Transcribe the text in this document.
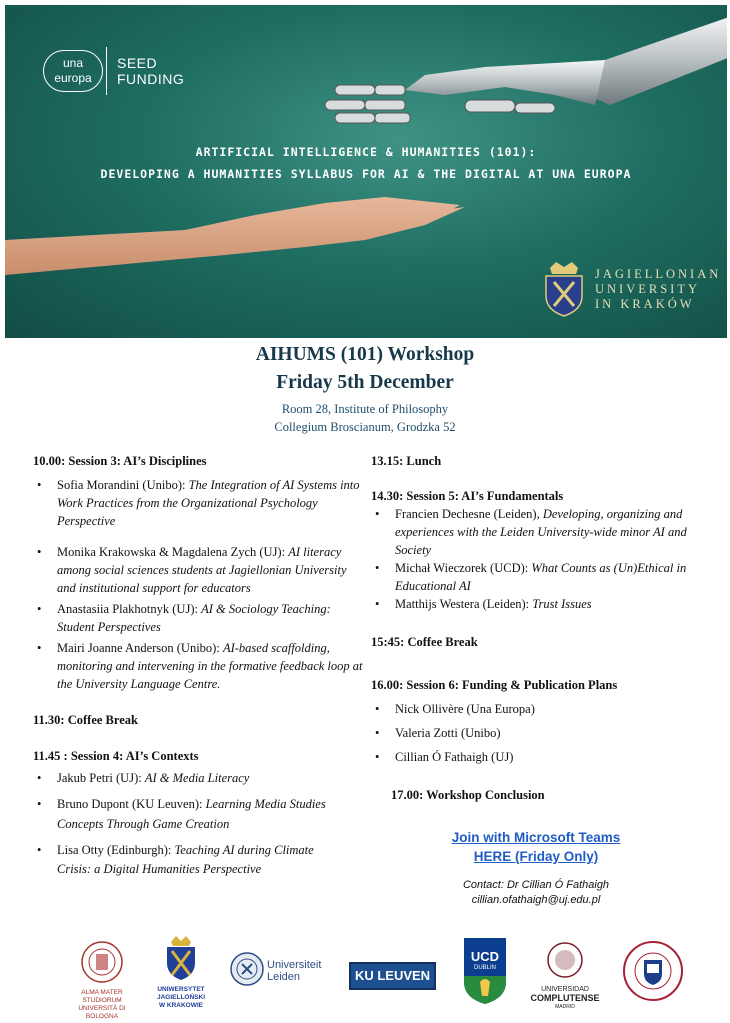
una
europa
SEED
FUNDING
ARTIFICIAL INTELLIGENCE & HUMANITIES (101):
DEVELOPING A HUMANITIES SYLLABUS FOR AI & THE DIGITAL AT UNA EUROPA
JAGIELLONIAN
UNIVERSITY
IN KRAKÓW
AIHUMS (101) Workshop
Friday 5th December
Room 28, Institute of Philosophy
Collegium Broscianum, Grodzka 52
10.00: Session 3: AI’s Disciplines
• Sofia Morandini (Unibo): The Integration of AI Systems into Work Practices from the Organizational Psychology Perspective
• Monika Krakowska & Magdalena Zych (UJ): AI literacy among social sciences students at Jagiellonian University and institutional support for educators
• Anastasiia Plakhotnyk (UJ): AI & Sociology Teaching: Student Perspectives
• Mairi Joanne Anderson (Unibo): AI-based scaffolding, monitoring and intervening in the formative feedback loop at the University Language Centre.
11.30: Coffee Break
11.45 : Session 4: AI’s Contexts
• Jakub Petri (UJ): AI & Media Literacy
• Bruno Dupont (KU Leuven): Learning Media Studies Concepts Through Game Creation
• Lisa Otty (Edinburgh): Teaching AI during Climate Crisis: a Digital Humanities Perspective
13.15: Lunch
14.30: Session 5: AI’s Fundamentals
• Francien Dechesne (Leiden), Developing, organizing and experiences with the Leiden University-wide minor AI and Society
• Michał Wieczorek (UCD): What Counts as (Un)Ethical in Educational AI
• Matthijs Westera (Leiden): Trust Issues
15:45: Coffee Break
16.00: Session 6: Funding & Publication Plans
• Nick Ollivère (Una Europa)
• Valeria Zotti (Unibo)
• Cillian Ó Fathaigh (UJ)
17.00: Workshop Conclusion
Join with Microsoft Teams
HERE (Friday Only)
Contact: Dr Cillian Ó Fathaigh
cillian.ofathaigh@uj.edu.pl
ALMA MATER STUDIORUM
UNIVERSITÀ DI BOLOGNA
UNIWERSYTET
JAGIELLOŃSKI
W KRAKOWIE
Universiteit
Leiden	KU LEUVEN
UCD
DUBLIN
UNIVERSIDAD
COMPLUTENSE
MADRID
